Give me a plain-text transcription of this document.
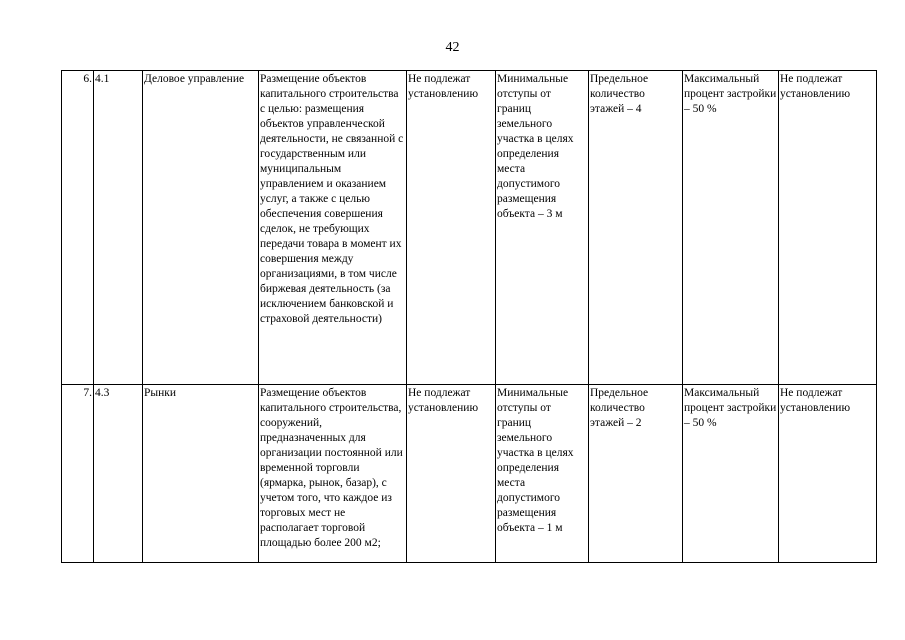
42
6.	4.1	Деловое управление	Размещение объектов капитального строительства с целью: размещения объектов управленческой деятельности, не связанной с государственным или муниципальным управлением и оказанием услуг, а также с целью обеспечения совершения сделок, не требующих передачи товара в момент их совершения между организациями, в том числе биржевая деятельность (за исключением банковской и страховой деятельности)	Не подлежат установлению	Минимальные отступы от границ земельного участка в целях определения места допустимого размещения объекта – 3 м	Предельное количество этажей – 4	Максимальный процент застройки – 50 %	Не подлежат установлению
7.	4.3	Рынки	Размещение объектов капитального строительства, сооружений, предназначенных для организации постоянной или временной торговли (ярмарка, рынок, базар), с учетом того, что каждое из торговых мест не располагает торговой площадью более 200 м2;	Не подлежат установлению	Минимальные отступы от границ земельного участка в целях определения места допустимого размещения объекта – 1 м	Предельное количество этажей – 2	Максимальный процент застройки – 50 %	Не подлежат установлению
